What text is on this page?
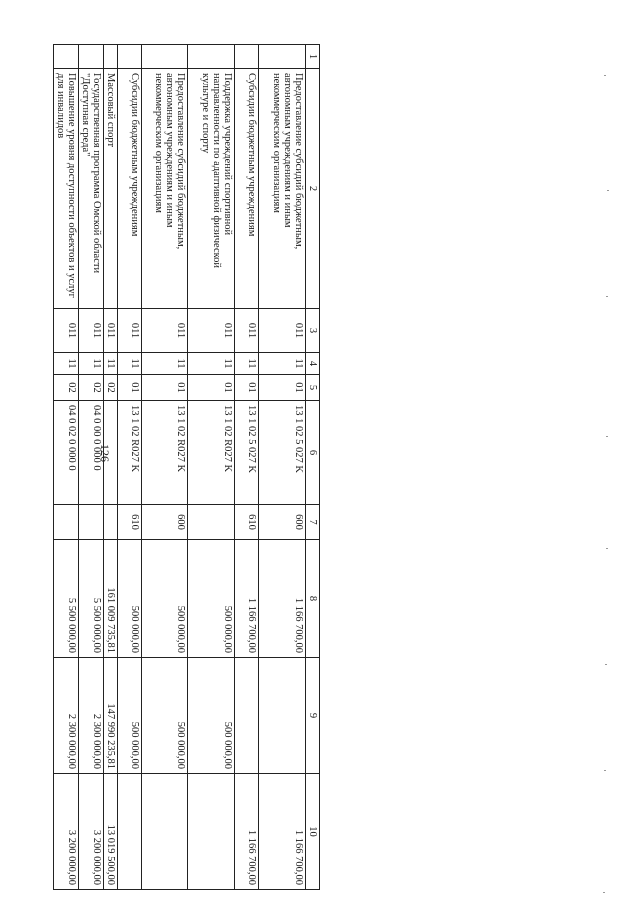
126
1	2	3	4	5	6	7	8	9	10
	Предоставление субсидий бюджетным, автономным учреждениям и иным некоммерческим организациям	011	11	01	13 1 02 5 027 K	600	1 166 700,00		1 166 700,00
	Субсидии бюджетным учреждениям	011	11	01	13 1 02 5 027 K	610	1 166 700,00		1 166 700,00
	Поддержка учреждений спортивной направленности по адаптивной физической культуре и спорту	011	11	01	13 1 02 R027 K		500 000,00	500 000,00	
	Предоставление субсидий бюджетным, автономным учреждениям и иным некоммерческим организациям	011	11	01	13 1 02 R027 K	600	500 000,00	500 000,00	
	Субсидии бюджетным учреждениям	011	11	01	13 1 02 R027 K	610	500 000,00	500 000,00	
	Массовый спорт	011	11	02			161 009 735,81	147 990 235,81	13 019 500,00
	Государственная программа Омской области "Доступная среда"	011	11	02	04 0 00 0 000 0		5 500 000,00	2 300 000,00	3 200 000,00
	Повышение уровня доступности объектов и услуг для инвалидов	011	11	02	04 0 02 0 000 0		5 500 000,00	2 300 000,00	3 200 000,00
